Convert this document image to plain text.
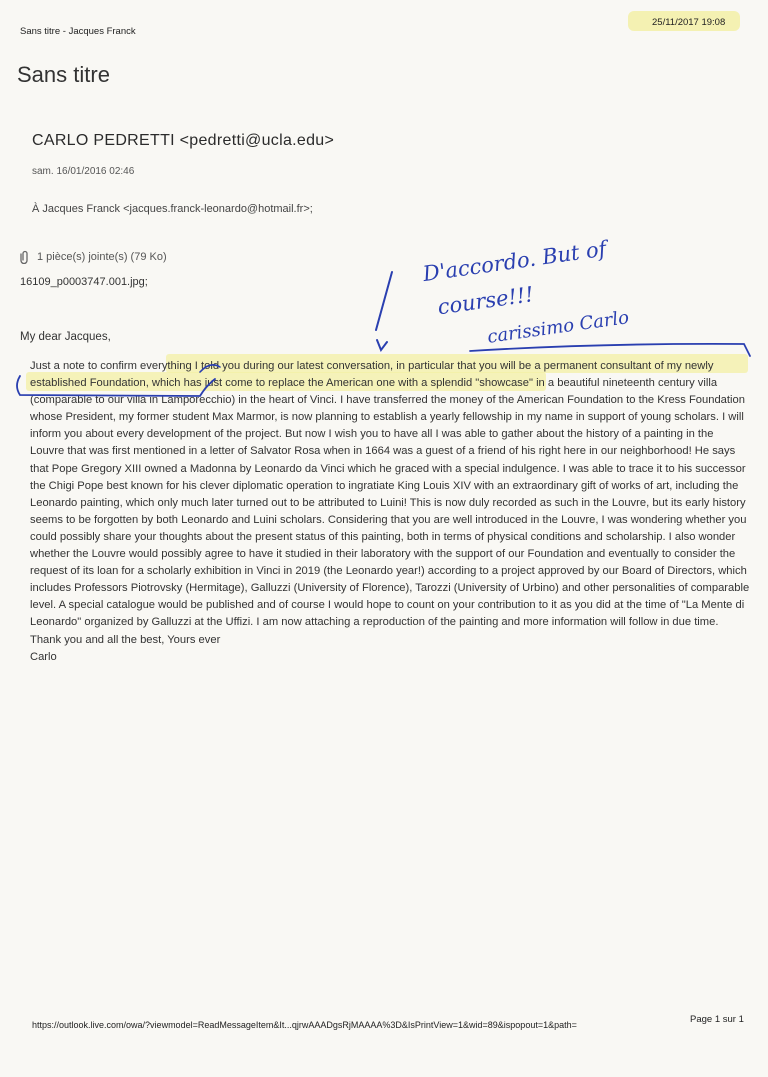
Sans titre - Jacques Franck
25/11/2017 19:08
Sans titre
CARLO PEDRETTI <pedretti@ucla.edu>
sam. 16/01/2016 02:46
À Jacques Franck <jacques.franck-leonardo@hotmail.fr>;
1 pièce(s) jointe(s) (79 Ko)
16109_p0003747.001.jpg;
My dear Jacques,

Just a note to confirm everything I told you during our latest conversation, in particular that you will be a permanent consultant of my newly established Foundation, which has just come to replace the American one with a splendid "showcase" in a beautiful nineteenth century villa (comparable to our villa in Lamporecchio) in the heart of Vinci. I have transferred the money of the American Foundation to the Kress Foundation whose President, my former student Max Marmor, is now planning to establish a yearly fellowship in my name in support of young scholars. I will inform you about every development of the project. But now I wish you to have all I was able to gather about the history of a painting in the Louvre that was first mentioned in a letter of Salvator Rosa when in 1664 was a guest of a friend of his right here in our neighborhood! He says that Pope Gregory XIII owned a Madonna by Leonardo da Vinci which he graced with a special indulgence. I was able to trace it to his successor the Chigi Pope best known for his clever diplomatic operation to ingratiate King Louis XIV with an extraordinary gift of works of art, including the Leonardo painting, which only much later turned out to be attributed to Luini! This is now duly recorded as such in the Louvre, but its early history seems to be forgotten by both Leonardo and Luini scholars. Considering that you are well introduced in the Louvre, I was wondering whether you could possibly share your thoughts about the present status of this painting, both in terms of physical conditions and scholarship. I also wonder whether the Louvre would possibly agree to have it studied in their laboratory with the support of our Foundation and eventually to consider the request of its loan for a scholarly exhibition in Vinci in 2019 (the Leonardo year!) according to a project approved by our Board of Directors, which includes Professors Piotrovsky (Hermitage), Galluzzi (University of Florence), Tarozzi (University of Urbino) and other personalities of comparable level. A special catalogue would be published and of course I would hope to count on your contribution to it as you did at the time of "La Mente di Leonardo" organized by Galluzzi at the Uffizi. I am now attaching a reproduction of the painting and more information will follow in due time. Thank you and all the best, Yours ever

Carlo

D'accordo. But of
course!!!
carissimo Carlo
https://outlook.live.com/owa/?viewmodel=ReadMessageItem&It...qjrwAAADgsRjMAAAA%3D&IsPrintView=1&wid=89&ispopout=1&path=	Page 1 sur 1
